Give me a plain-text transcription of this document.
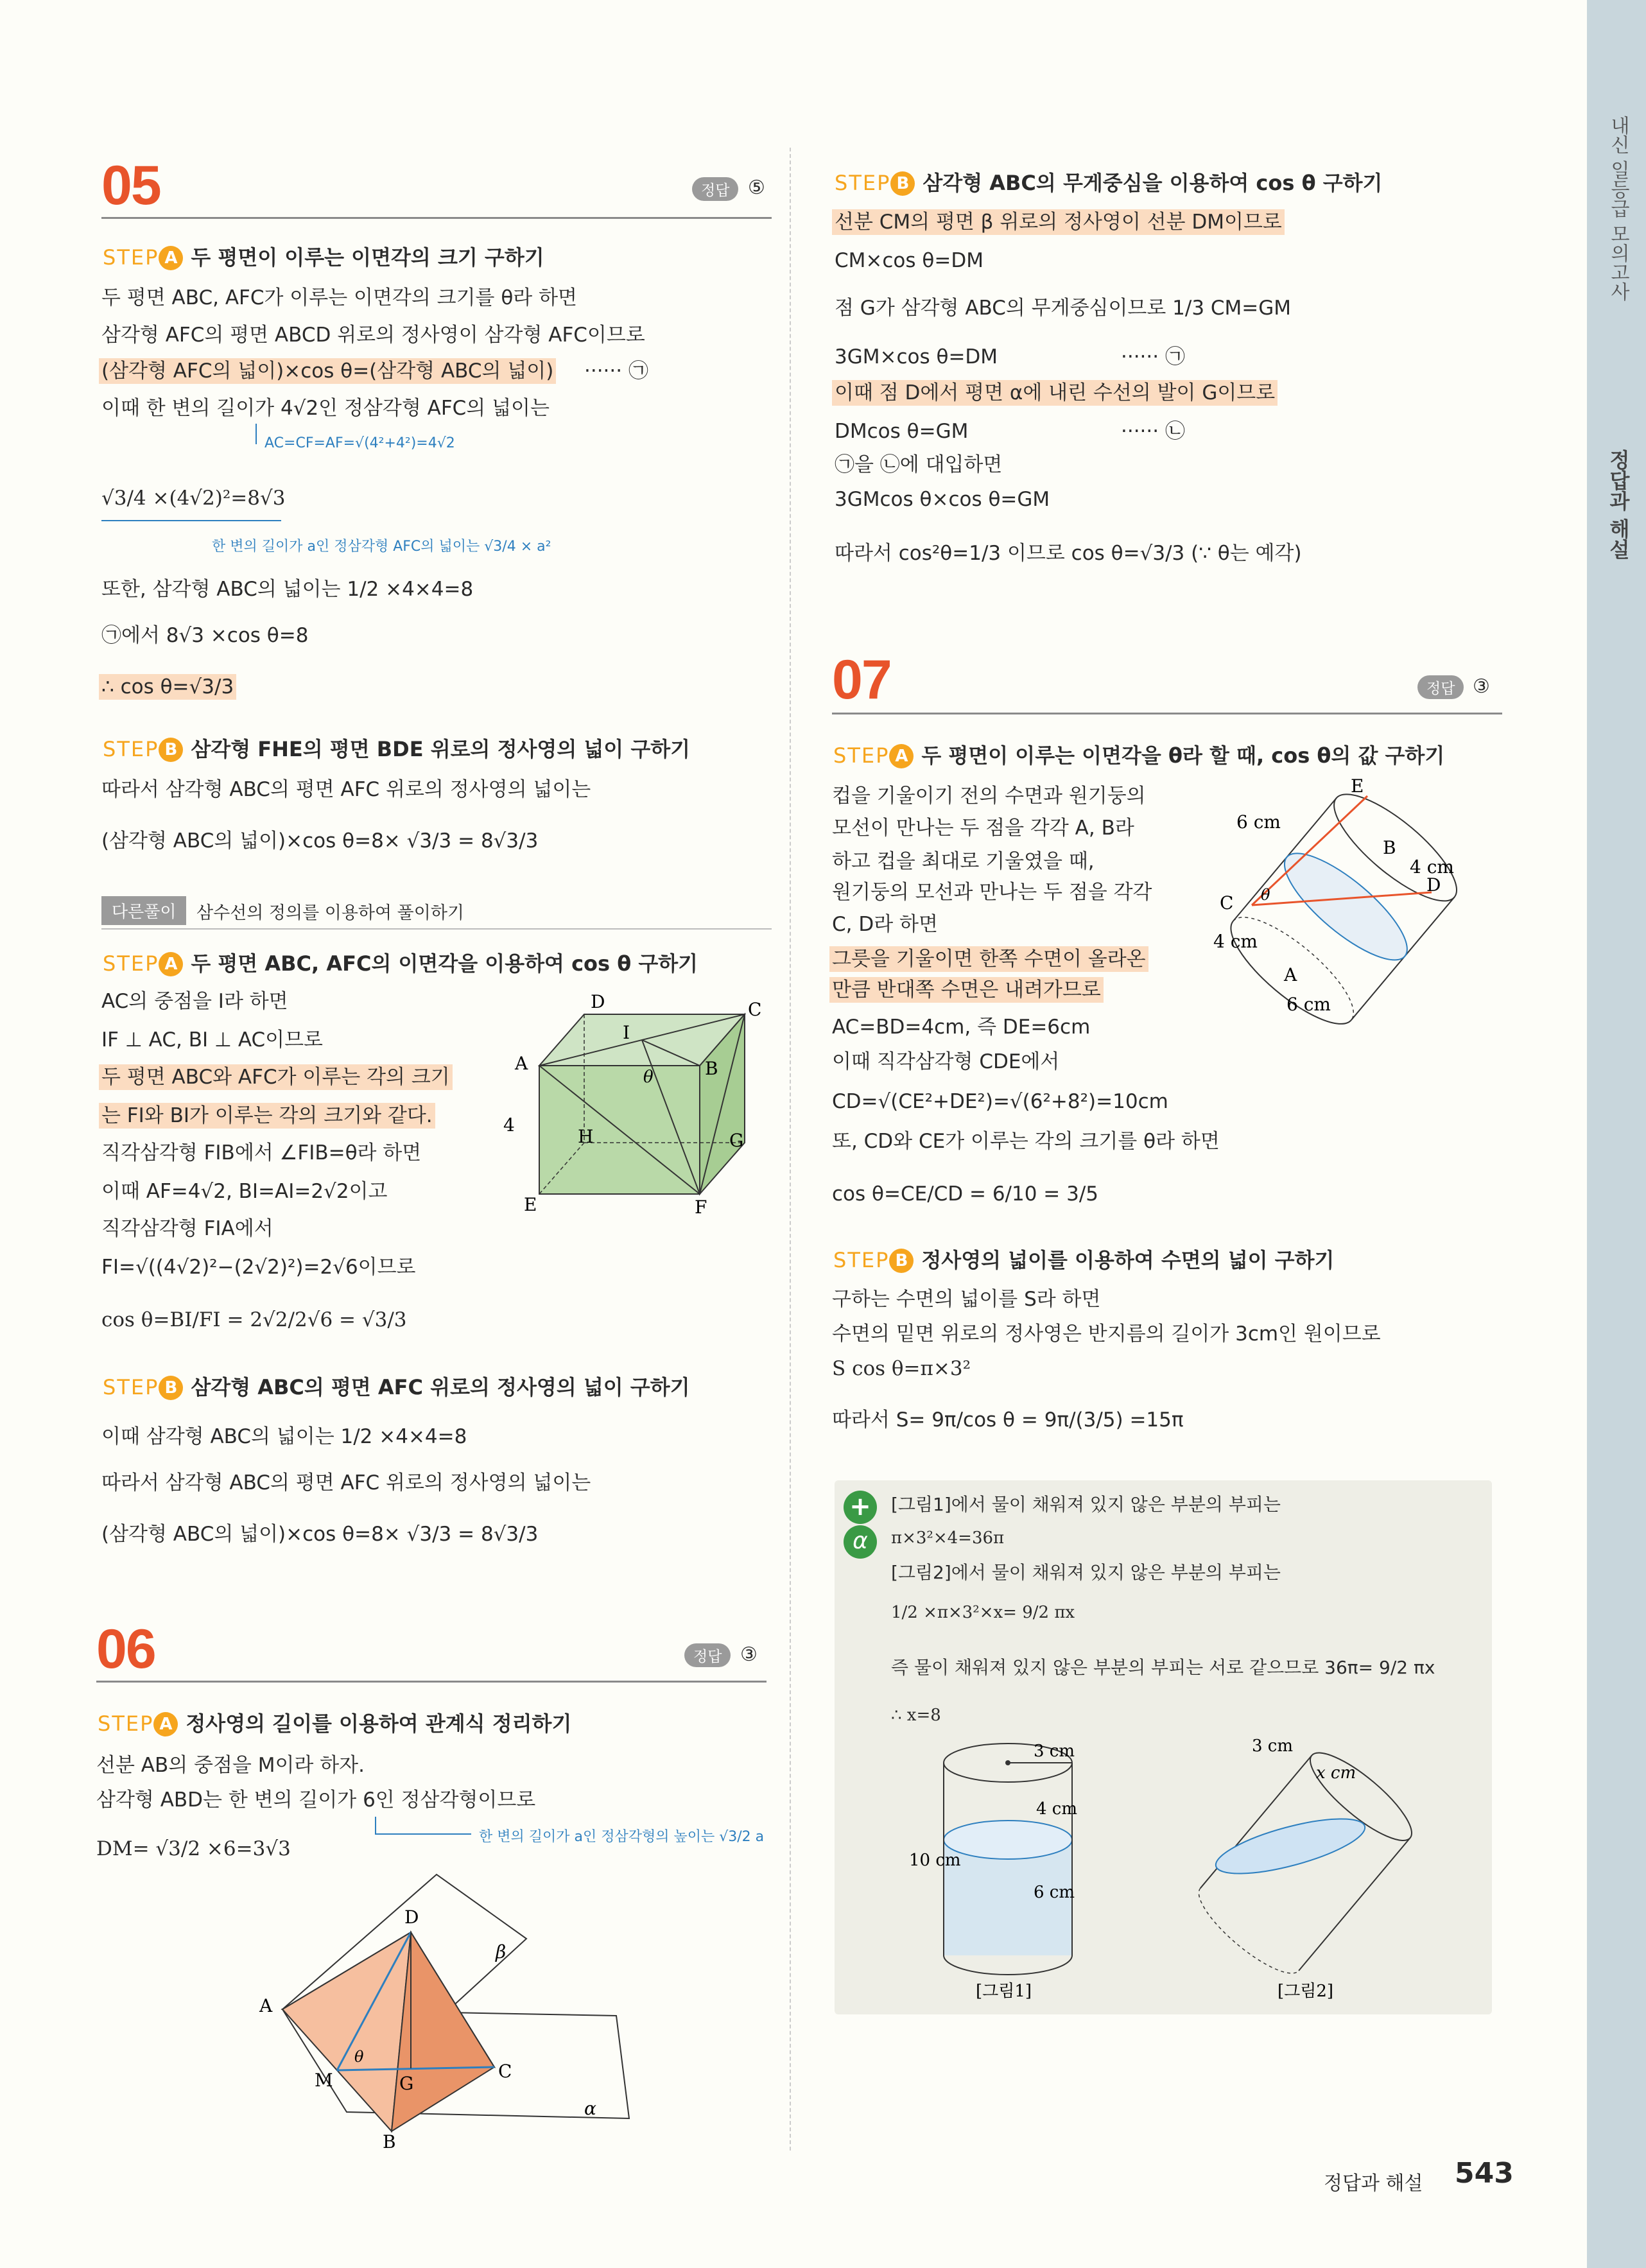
내신 일등급 모의고사
정답과 해설
05	정답 ⑤
STEP A 두 평면이 이루는 이면각의 크기 구하기
두 평면 ABC, AFC가 이루는 이면각의 크기를 θ라 하면
삼각형 AFC의 평면 ABCD 위로의 정사영이 삼각형 AFC이므로
(삼각형 AFC의 넓이)×cos θ=(삼각형 ABC의 넓이) ······ ㉠
이때 한 변의 길이가 4√2인 정삼각형 AFC의 넓이는
AC=CF=AF=√(4²+4²)=4√2
√3/4 ×(4√2)²=8√3
한 변의 길이가 a인 정삼각형 AFC의 넓이는 √3/4 × a²
또한, 삼각형 ABC의 넓이는 1/2 ×4×4=8
㉠에서 8√3 ×cos θ=8
∴ cos θ=√3/3
STEP B 삼각형 FHE의 평면 BDE 위로의 정사영의 넓이 구하기
따라서 삼각형 ABC의 평면 AFC 위로의 정사영의 넓이는
(삼각형 ABC의 넓이)×cos θ=8× √3/3 = 8√3/3
다른풀이	삼수선의 정의를 이용하여 풀이하기
STEP A 두 평면 ABC, AFC의 이면각을 이용하여 cos θ 구하기
AC의 중점을 I라 하면
IF ⊥ AC, BI ⊥ AC이므로
두 평면 ABC와 AFC가 이루는 각의 크기
는 FI와 BI가 이루는 각의 크기와 같다.
직각삼각형 FIB에서 ∠FIB=θ라 하면
이때 AF=4√2, BI=AI=2√2이고
직각삼각형 FIA에서
FI=√((4√2)²−(2√2)²)=2√6이므로
cos θ=BI/FI = 2√2/2√6 = √3/3
D	C
A	B
I
H	G
E	F
4
θ
STEP B 삼각형 ABC의 평면 AFC 위로의 정사영의 넓이 구하기
이때 삼각형 ABC의 넓이는 1/2 ×4×4=8
따라서 삼각형 ABC의 평면 AFC 위로의 정사영의 넓이는
(삼각형 ABC의 넓이)×cos θ=8× √3/3 = 8√3/3
06	정답 ③
STEP A 정사영의 길이를 이용하여 관계식 정리하기
선분 AB의 중점을 M이라 하자.
삼각형 ABD는 한 변의 길이가 6인 정삼각형이므로
한 변의 길이가 a인 정삼각형의 높이는 √3/2 a
DM= √3/2 ×6=3√3
D
A
M	G
C
B
β
α
θ
STEP B 삼각형 ABC의 무게중심을 이용하여 cos θ 구하기
선분 CM의 평면 β 위로의 정사영이 선분 DM이므로
CM×cos θ=DM
점 G가 삼각형 ABC의 무게중심이므로 1/3 CM=GM
3GM×cos θ=DM	······ ㉠
이때 점 D에서 평면 α에 내린 수선의 발이 G이므로
DMcos θ=GM	······ ㉡
㉠을 ㉡에 대입하면
3GMcos θ×cos θ=GM
따라서 cos²θ=1/3 이므로 cos θ=√3/3 (∵ θ는 예각)
07	정답 ③
STEP A 두 평면이 이루는 이면각을 θ라 할 때, cos θ의 값 구하기
컵을 기울이기 전의 수면과 원기둥의
모선이 만나는 두 점을 각각 A, B라
하고 컵을 최대로 기울였을 때,
원기둥의 모선과 만나는 두 점을 각각
C, D라 하면
그릇을 기울이면 한쪽 수면이 올라온
만큼 반대쪽 수면은 내려가므로
AC=BD=4cm, 즉 DE=6cm
이때 직각삼각형 CDE에서
CD=√(CE²+DE²)=√(6²+8²)=10cm
또, CD와 CE가 이루는 각의 크기를 θ라 하면
cos θ=CE/CD = 6/10 = 3/5
E
B
C
D
A
6 cm
4 cm
4 cm
6 cm
θ
STEP B 정사영의 넓이를 이용하여 수면의 넓이 구하기
구하는 수면의 넓이를 S라 하면
수면의 밑면 위로의 정사영은 반지름의 길이가 3cm인 원이므로
S cos θ=π×3²
따라서 S= 9π/cos θ = 9π/(3/5) =15π
+
α
[그림1]에서 물이 채워져 있지 않은 부분의 부피는
π×3²×4=36π
[그림2]에서 물이 채워져 있지 않은 부분의 부피는
1/2 ×π×3²×x= 9/2 πx
즉 물이 채워져 있지 않은 부분의 부피는 서로 같으므로 36π= 9/2 πx
∴ x=8
3 cm
4 cm
10 cm
6 cm
[그림1]
3 cm
x cm
[그림2]
정답과 해설 543
